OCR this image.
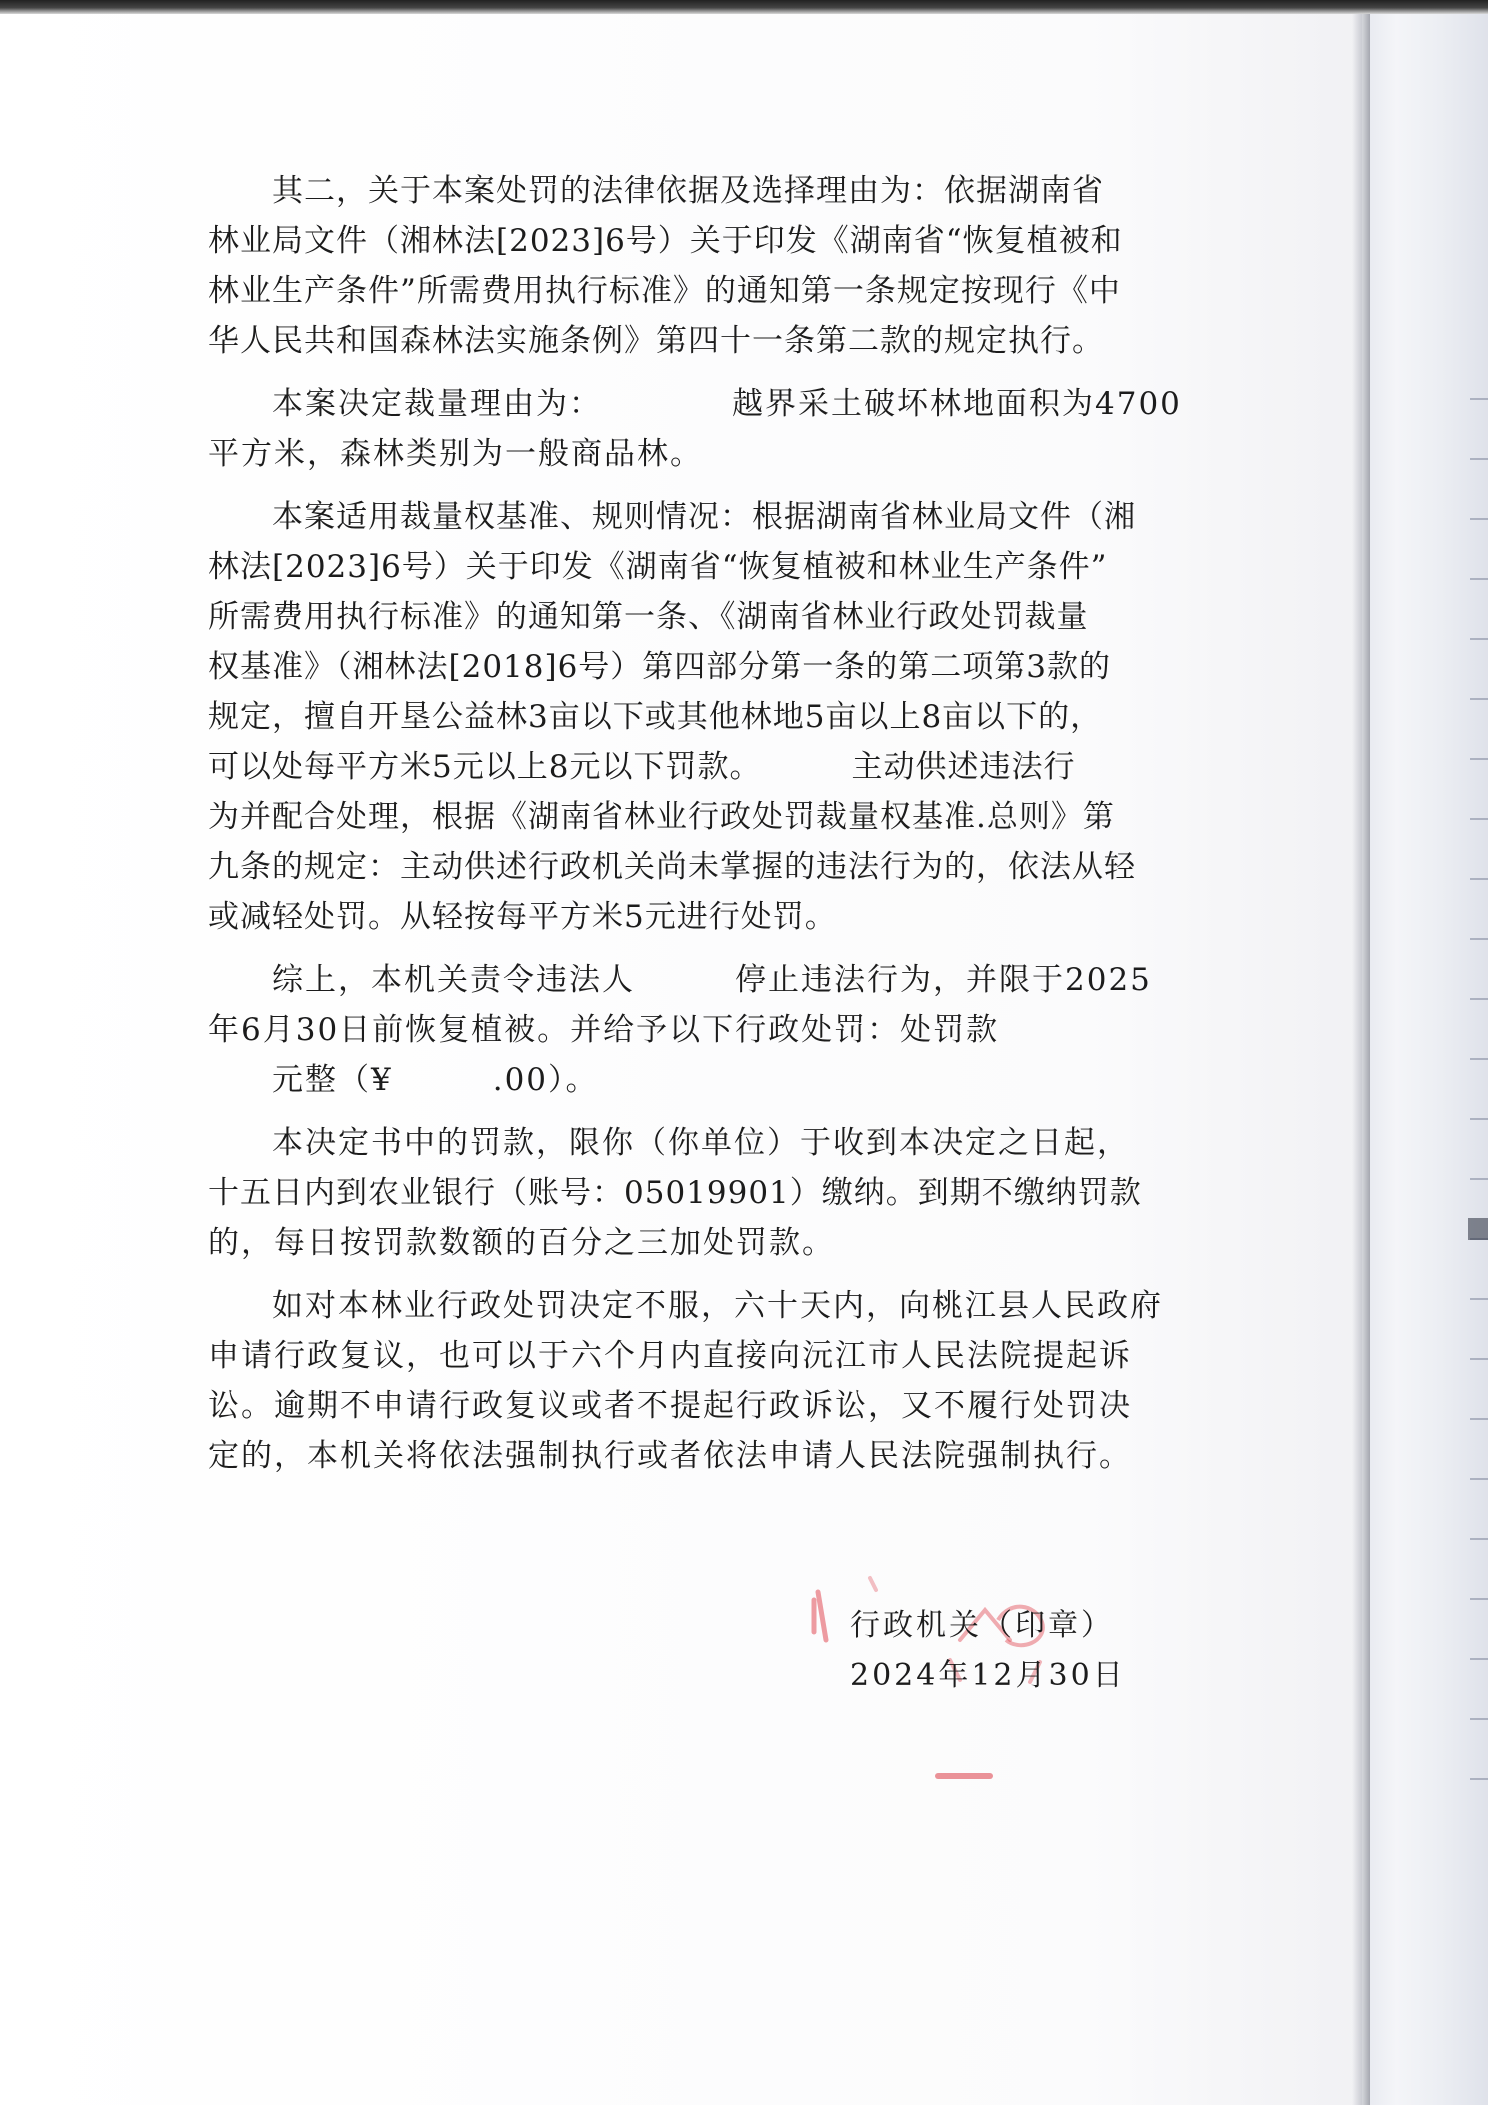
其二，关于本案处罚的法律依据及选择理由为：依据湖南省
林业局文件（湘林法[2023]6号）关于印发《湖南省“恢复植被和
林业生产条件”所需费用执行标准》的通知第一条规定按现行《中
华人民共和国森林法实施条例》第四十一条第二款的规定执行。
本案决定裁量理由为：	越界采土破坏林地面积为4700
平方米，森林类别为一般商品林。
本案适用裁量权基准、规则情况：根据湖南省林业局文件（湘
林法[2023]6号）关于印发《湖南省“恢复植被和林业生产条件”
所需费用执行标准》的通知第一条、《湖南省林业行政处罚裁量
权基准》（湘林法[2018]6号）第四部分第一条的第二项第3款的
规定，擅自开垦公益林3亩以下或其他林地5亩以上8亩以下的，
可以处每平方米5元以上8元以下罚款。	主动供述违法行
为并配合处理，根据《湖南省林业行政处罚裁量权基准.总则》第
九条的规定：主动供述行政机关尚未掌握的违法行为的，依法从轻
或减轻处罚。从轻按每平方米5元进行处罚。
综上，本机关责令违法人	停止违法行为，并限于2025
年6月30日前恢复植被。并给予以下行政处罚：处罚款
元整（¥	.00）。
本决定书中的罚款，限你（你单位）于收到本决定之日起，
十五日内到农业银行（账号：05019901）缴纳。到期不缴纳罚款
的，每日按罚款数额的百分之三加处罚款。
如对本林业行政处罚决定不服，六十天内，向桃江县人民政府
申请行政复议，也可以于六个月内直接向沅江市人民法院提起诉
讼。逾期不申请行政复议或者不提起行政诉讼，又不履行处罚决
定的，本机关将依法强制执行或者依法申请人民法院强制执行。
行政机关（印章）
2024年12月30日
